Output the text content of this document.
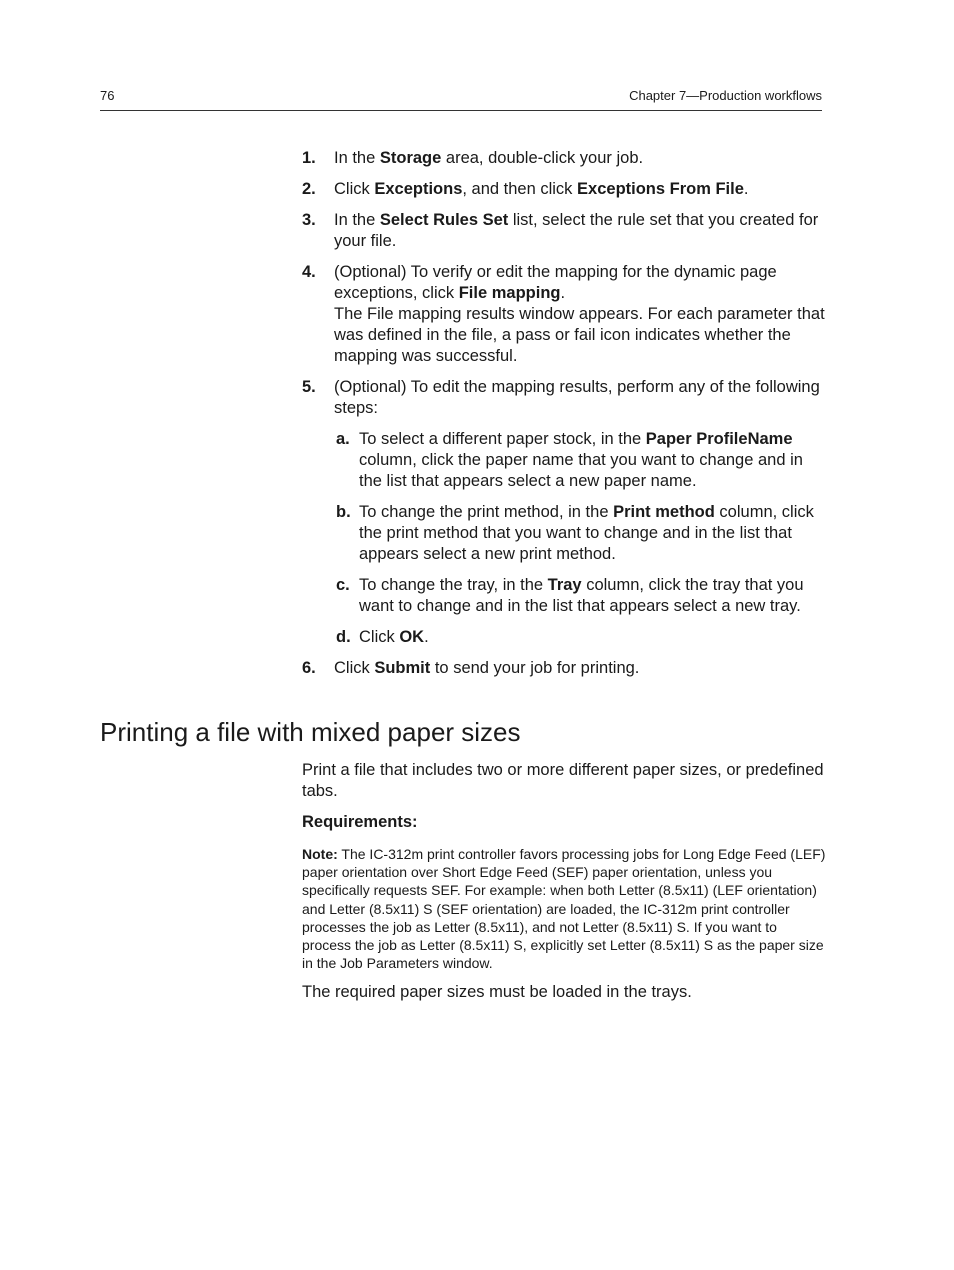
76	Chapter 7—Production workflows
1. In the Storage area, double-click your job.
2. Click Exceptions, and then click Exceptions From File.
3. In the Select Rules Set list, select the rule set that you created for your file.
4. (Optional) To verify or edit the mapping for the dynamic page exceptions, click File mapping.
The File mapping results window appears. For each parameter that was defined in the file, a pass or fail icon indicates whether the mapping was successful.
5. (Optional) To edit the mapping results, perform any of the following steps:
a. To select a different paper stock, in the Paper ProfileName column, click the paper name that you want to change and in the list that appears select a new paper name.
b. To change the print method, in the Print method column, click the print method that you want to change and in the list that appears select a new print method.
c. To change the tray, in the Tray column, click the tray that you want to change and in the list that appears select a new tray.
d. Click OK.
6. Click Submit to send your job for printing.
Printing a file with mixed paper sizes

Print a file that includes two or more different paper sizes, or predefined tabs.

Requirements:

Note: The IC-312m print controller favors processing jobs for Long Edge Feed (LEF) paper orientation over Short Edge Feed (SEF) paper orientation, unless you specifically requests SEF. For example: when both Letter (8.5x11) (LEF orientation) and Letter (8.5x11) S (SEF orientation) are loaded, the IC-312m print controller processes the job as Letter (8.5x11), and not Letter (8.5x11) S. If you want to process the job as Letter (8.5x11) S, explicitly set Letter (8.5x11) S as the paper size in the Job Parameters window.

The required paper sizes must be loaded in the trays.
